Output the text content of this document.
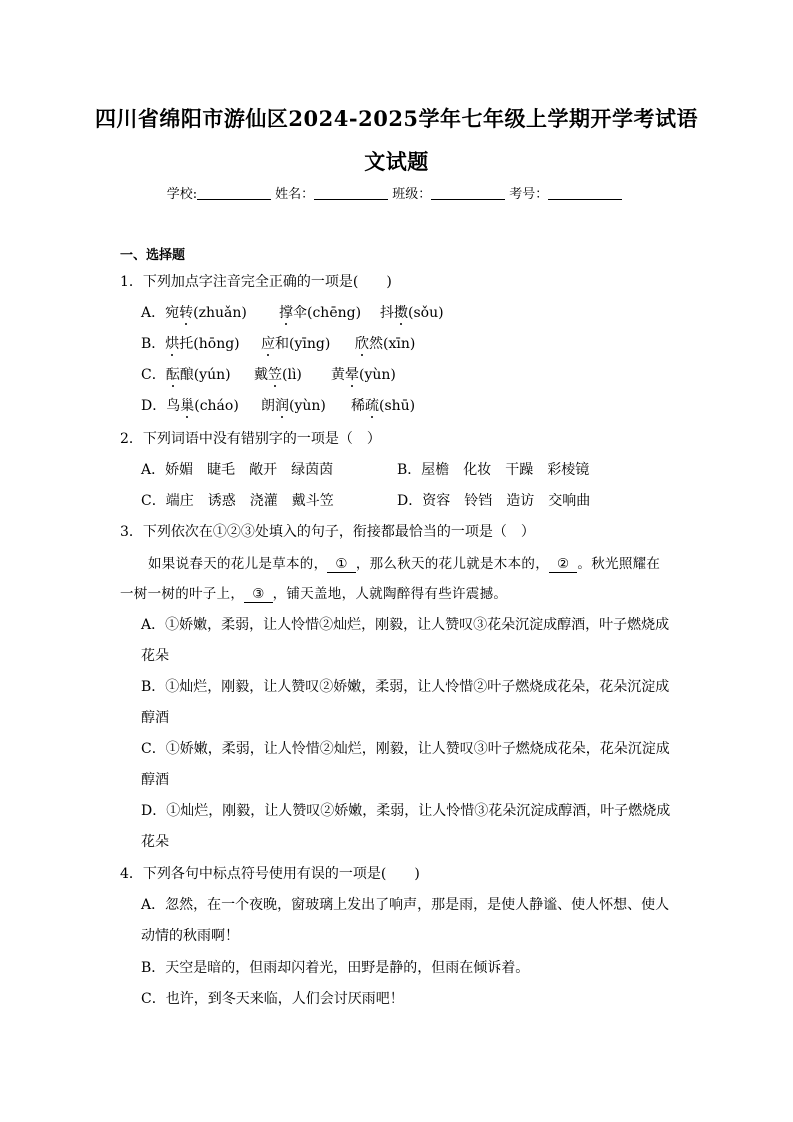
四川省绵阳市游仙区2024-2025学年七年级上学期开学考试语
文试题
学校:	姓名：	班级：	考号：
一、选择题
1．下列加点字注音完全正确的一项是(　　)
A．宛转(zhuǎn) 撑伞(chēng) 抖擞(sǒu)
B．烘托(hōng) 应和(yīng) 欣然(xīn)
C．酝酿(yún) 戴笠(lì) 黄晕(yùn)
D．鸟巢(cháo) 朗润(yùn) 稀疏(shū)
2．下列词语中没有错别字的一项是（　）
A．娇媚　睫毛　敞开　绿茵茵	B．屋檐　化妆　干躁　彩棱镜
C．端庄　诱惑　浇灌　戴斗笠	D．资容　铃铛　造访　交响曲
3．下列依次在①②③处填入的句子，衔接都最恰当的一项是（　）
如果说春天的花儿是草本的， ① ，那么秋天的花儿就是木本的， ② 。秋光照耀在
一树一树的叶子上， ③ ，铺天盖地，人就陶醉得有些许震撼。
A．①娇嫩，柔弱，让人怜惜②灿烂，刚毅，让人赞叹③花朵沉淀成醇酒，叶子燃烧成
花朵
B．①灿烂，刚毅，让人赞叹②娇嫩，柔弱，让人怜惜②叶子燃烧成花朵，花朵沉淀成
醇酒
C．①娇嫩，柔弱，让人怜惜②灿烂，刚毅，让人赞叹③叶子燃烧成花朵，花朵沉淀成
醇酒
D．①灿烂，刚毅，让人赞叹②娇嫩，柔弱，让人怜惜③花朵沉淀成醇酒，叶子燃烧成
花朵
4．下列各句中标点符号使用有误的一项是(　　)
A．忽然，在一个夜晚，窗玻璃上发出了响声，那是雨，是使人静谧、使人怀想、使人
动情的秋雨啊！
B．天空是暗的，但雨却闪着光，田野是静的，但雨在倾诉着。
C．也许，到冬天来临，人们会讨厌雨吧！
